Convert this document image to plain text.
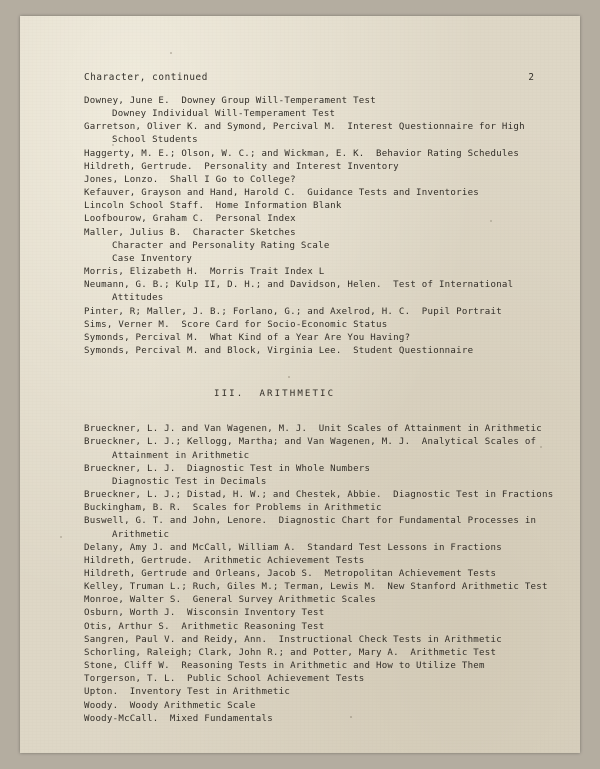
Character, continued	2
Downey, June E.  Downey Group Will-Temperament Test
Downey Individual Will-Temperament Test
Garretson, Oliver K. and Symond, Percival M.  Interest Questionnaire for High
School Students
Haggerty, M. E.; Olson, W. C.; and Wickman, E. K.  Behavior Rating Schedules
Hildreth, Gertrude.  Personality and Interest Inventory
Jones, Lonzo.  Shall I Go to College?
Kefauver, Grayson and Hand, Harold C.  Guidance Tests and Inventories
Lincoln School Staff.  Home Information Blank
Loofbourow, Graham C.  Personal Index
Maller, Julius B.  Character Sketches
Character and Personality Rating Scale
Case Inventory
Morris, Elizabeth H.  Morris Trait Index L
Neumann, G. B.; Kulp II, D. H.; and Davidson, Helen.  Test of International
Attitudes
Pinter, R; Maller, J. B.; Forlano, G.; and Axelrod, H. C.  Pupil Portrait
Sims, Verner M.  Score Card for Socio-Economic Status
Symonds, Percival M.  What Kind of a Year Are You Having?
Symonds, Percival M. and Block, Virginia Lee.  Student Questionnaire
III.  ARITHMETIC
Brueckner, L. J. and Van Wagenen, M. J.  Unit Scales of Attainment in Arithmetic
Brueckner, L. J.; Kellogg, Martha; and Van Wagenen, M. J.  Analytical Scales of
Attainment in Arithmetic
Brueckner, L. J.  Diagnostic Test in Whole Numbers
Diagnostic Test in Decimals
Brueckner, L. J.; Distad, H. W.; and Chestek, Abbie.  Diagnostic Test in Fractions
Buckingham, B. R.  Scales for Problems in Arithmetic
Buswell, G. T. and John, Lenore.  Diagnostic Chart for Fundamental Processes in
Arithmetic
Delany, Amy J. and McCall, William A.  Standard Test Lessons in Fractions
Hildreth, Gertrude.  Arithmetic Achievement Tests
Hildreth, Gertrude and Orleans, Jacob S.  Metropolitan Achievement Tests
Kelley, Truman L.; Ruch, Giles M.; Terman, Lewis M.  New Stanford Arithmetic Test
Monroe, Walter S.  General Survey Arithmetic Scales
Osburn, Worth J.  Wisconsin Inventory Test
Otis, Arthur S.  Arithmetic Reasoning Test
Sangren, Paul V. and Reidy, Ann.  Instructional Check Tests in Arithmetic
Schorling, Raleigh; Clark, John R.; and Potter, Mary A.  Arithmetic Test
Stone, Cliff W.  Reasoning Tests in Arithmetic and How to Utilize Them
Torgerson, T. L.  Public School Achievement Tests
Upton.  Inventory Test in Arithmetic
Woody.  Woody Arithmetic Scale
Woody-McCall.  Mixed Fundamentals
